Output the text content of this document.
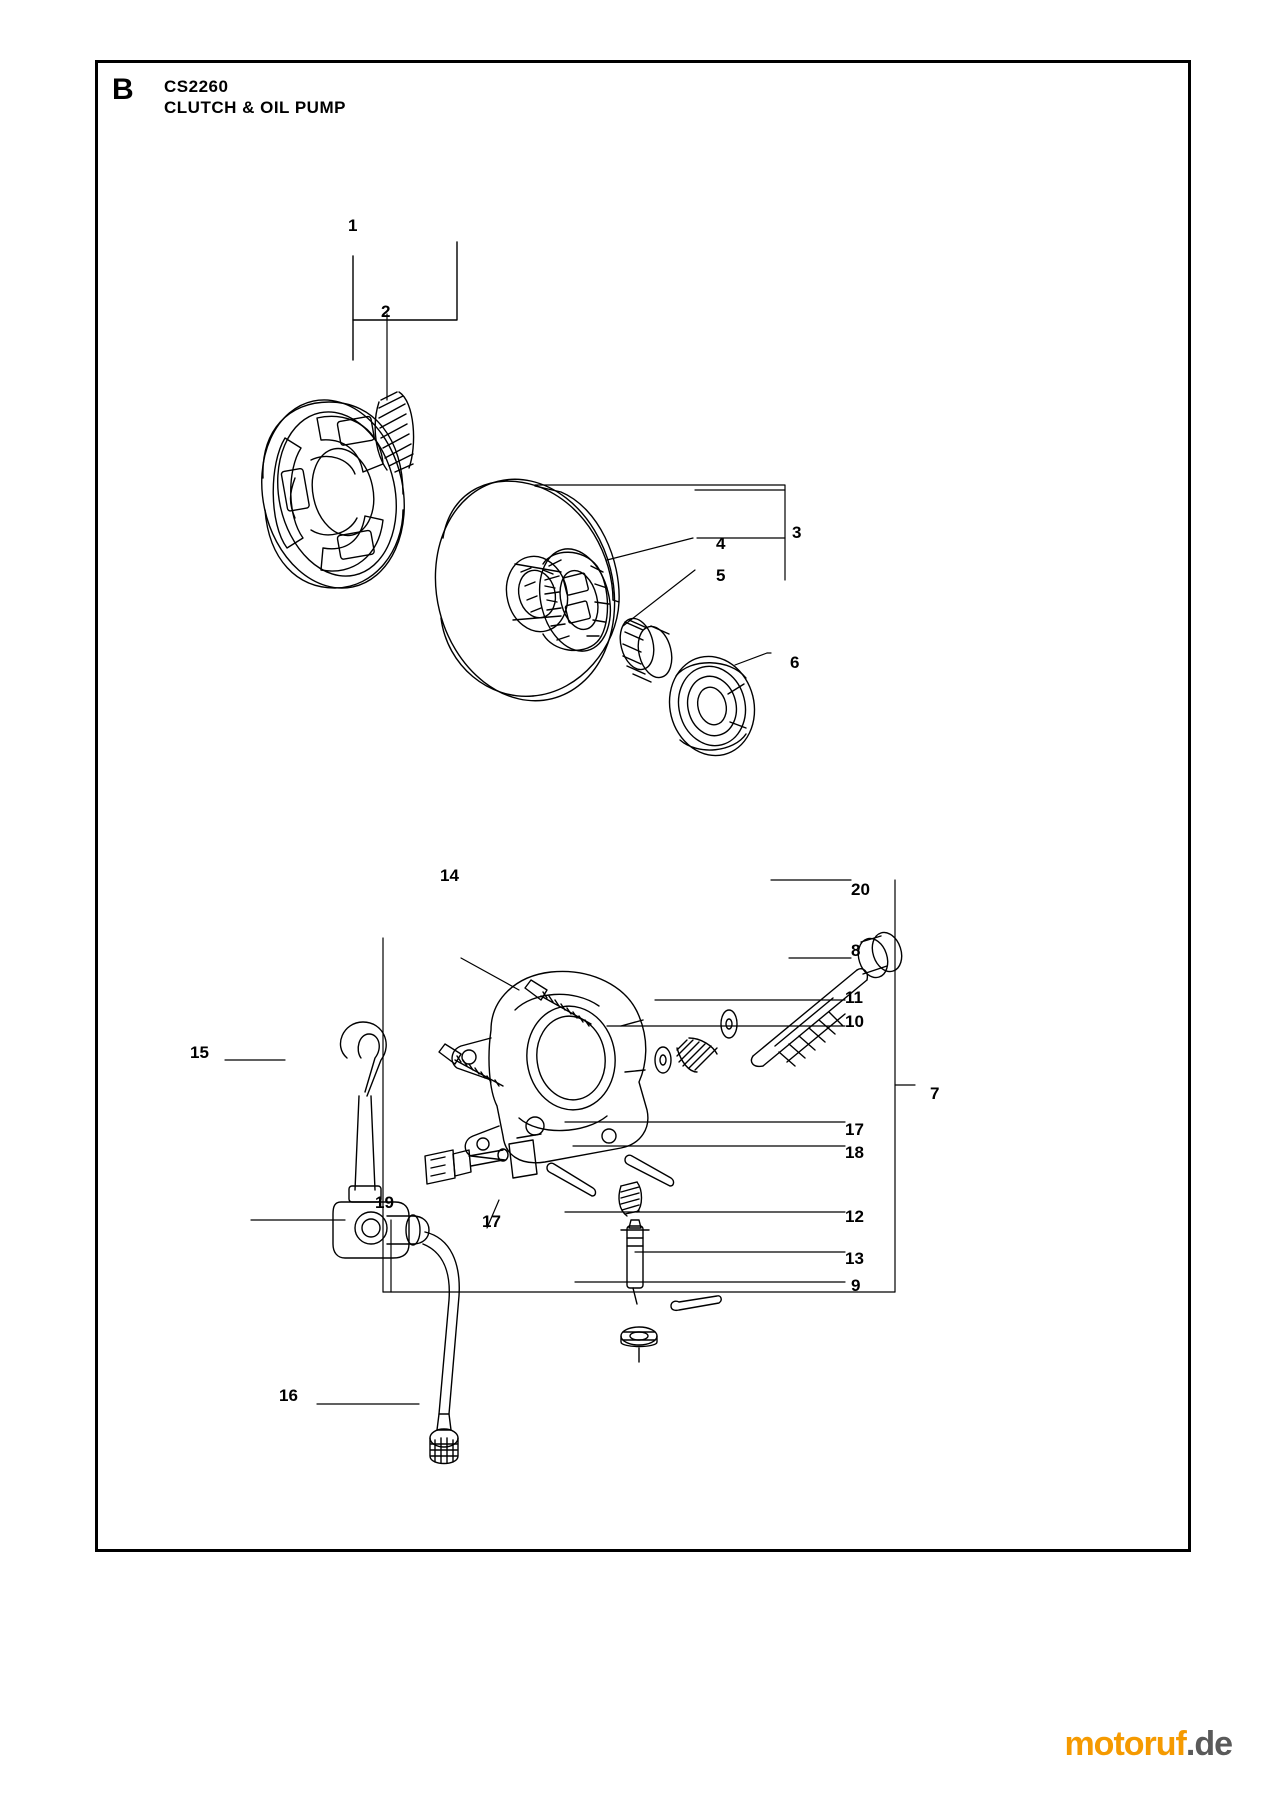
B	CS2260
CLUTCH & OIL PUMP
1
2
3
4
5
6
7
8
9
10
11
12
13
14
15
16
17
17
18
19
20
motoruf.de
